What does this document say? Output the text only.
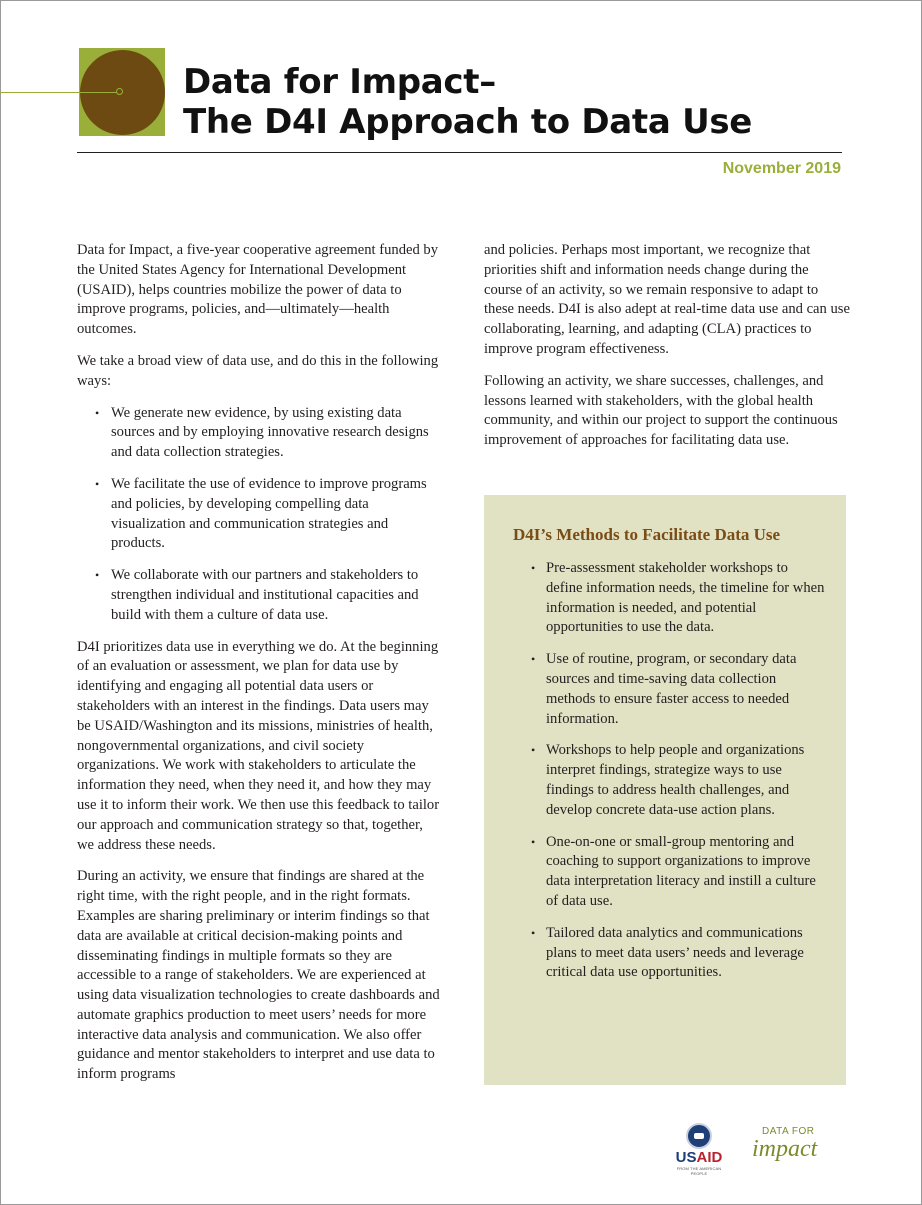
Data for Impact–
The D4I Approach to Data Use
November 2019

Data for Impact, a five-year cooperative agreement funded by the United States Agency for International Development (USAID), helps countries mobilize the power of data to improve programs, policies, and—ultimately—health outcomes.

We take a broad view of data use, and do this in the following ways:

• We generate new evidence, by using existing data sources and by employing innovative research designs and data collection strategies.
• We facilitate the use of evidence to improve programs and policies, by developing compelling data visualization and communication strategies and products.
• We collaborate with our partners and stakeholders to strengthen individual and institutional capacities and build with them a culture of data use.

D4I prioritizes data use in everything we do. At the beginning of an evaluation or assessment, we plan for data use by identifying and engaging all potential data users or stakeholders with an interest in the findings. Data users may be USAID/Washington and its missions, ministries of health, nongovernmental organizations, and civil society organizations. We work with stakeholders to articulate the information they need, when they need it, and how they may use it to inform their work. We then use this feedback to tailor our approach and communication strategy so that, together, we address these needs.

During an activity, we ensure that findings are shared at the right time, with the right people, and in the right formats. Examples are sharing preliminary or interim findings so that data are available at critical decision-making points and disseminating findings in multiple formats so they are accessible to a range of stakeholders. We are experienced at using data visualization technologies to create dashboards and automate graphics production to meet users’ needs for more interactive data analysis and communication. We also offer guidance and mentor stakeholders to interpret and use data to inform programs

and policies. Perhaps most important, we recognize that priorities shift and information needs change during the course of an activity, so we remain responsive to adapt to these needs. D4I is also adept at real-time data use and can use collaborating, learning, and adapting (CLA) practices to improve program effectiveness.

Following an activity, we share successes, challenges, and lessons learned with stakeholders, with the global health community, and within our project to support the continuous improvement of approaches for facilitating data use.

D4I’s Methods to Facilitate Data Use
• Pre-assessment stakeholder workshops to define information needs, the timeline for when information is needed, and potential opportunities to use the data.
• Use of routine, program, or secondary data sources and time-saving data collection methods to ensure faster access to needed information.
• Workshops to help people and organizations interpret findings, strategize ways to use findings to address health challenges, and develop concrete data-use action plans.
• One-on-one or small-group mentoring and coaching to support organizations to improve data interpretation literacy and instill a culture of data use.
• Tailored data analytics and communications plans to meet data users’ needs and leverage critical data use opportunities.
USAID
FROM THE AMERICAN PEOPLE
DATA FOR
impact
